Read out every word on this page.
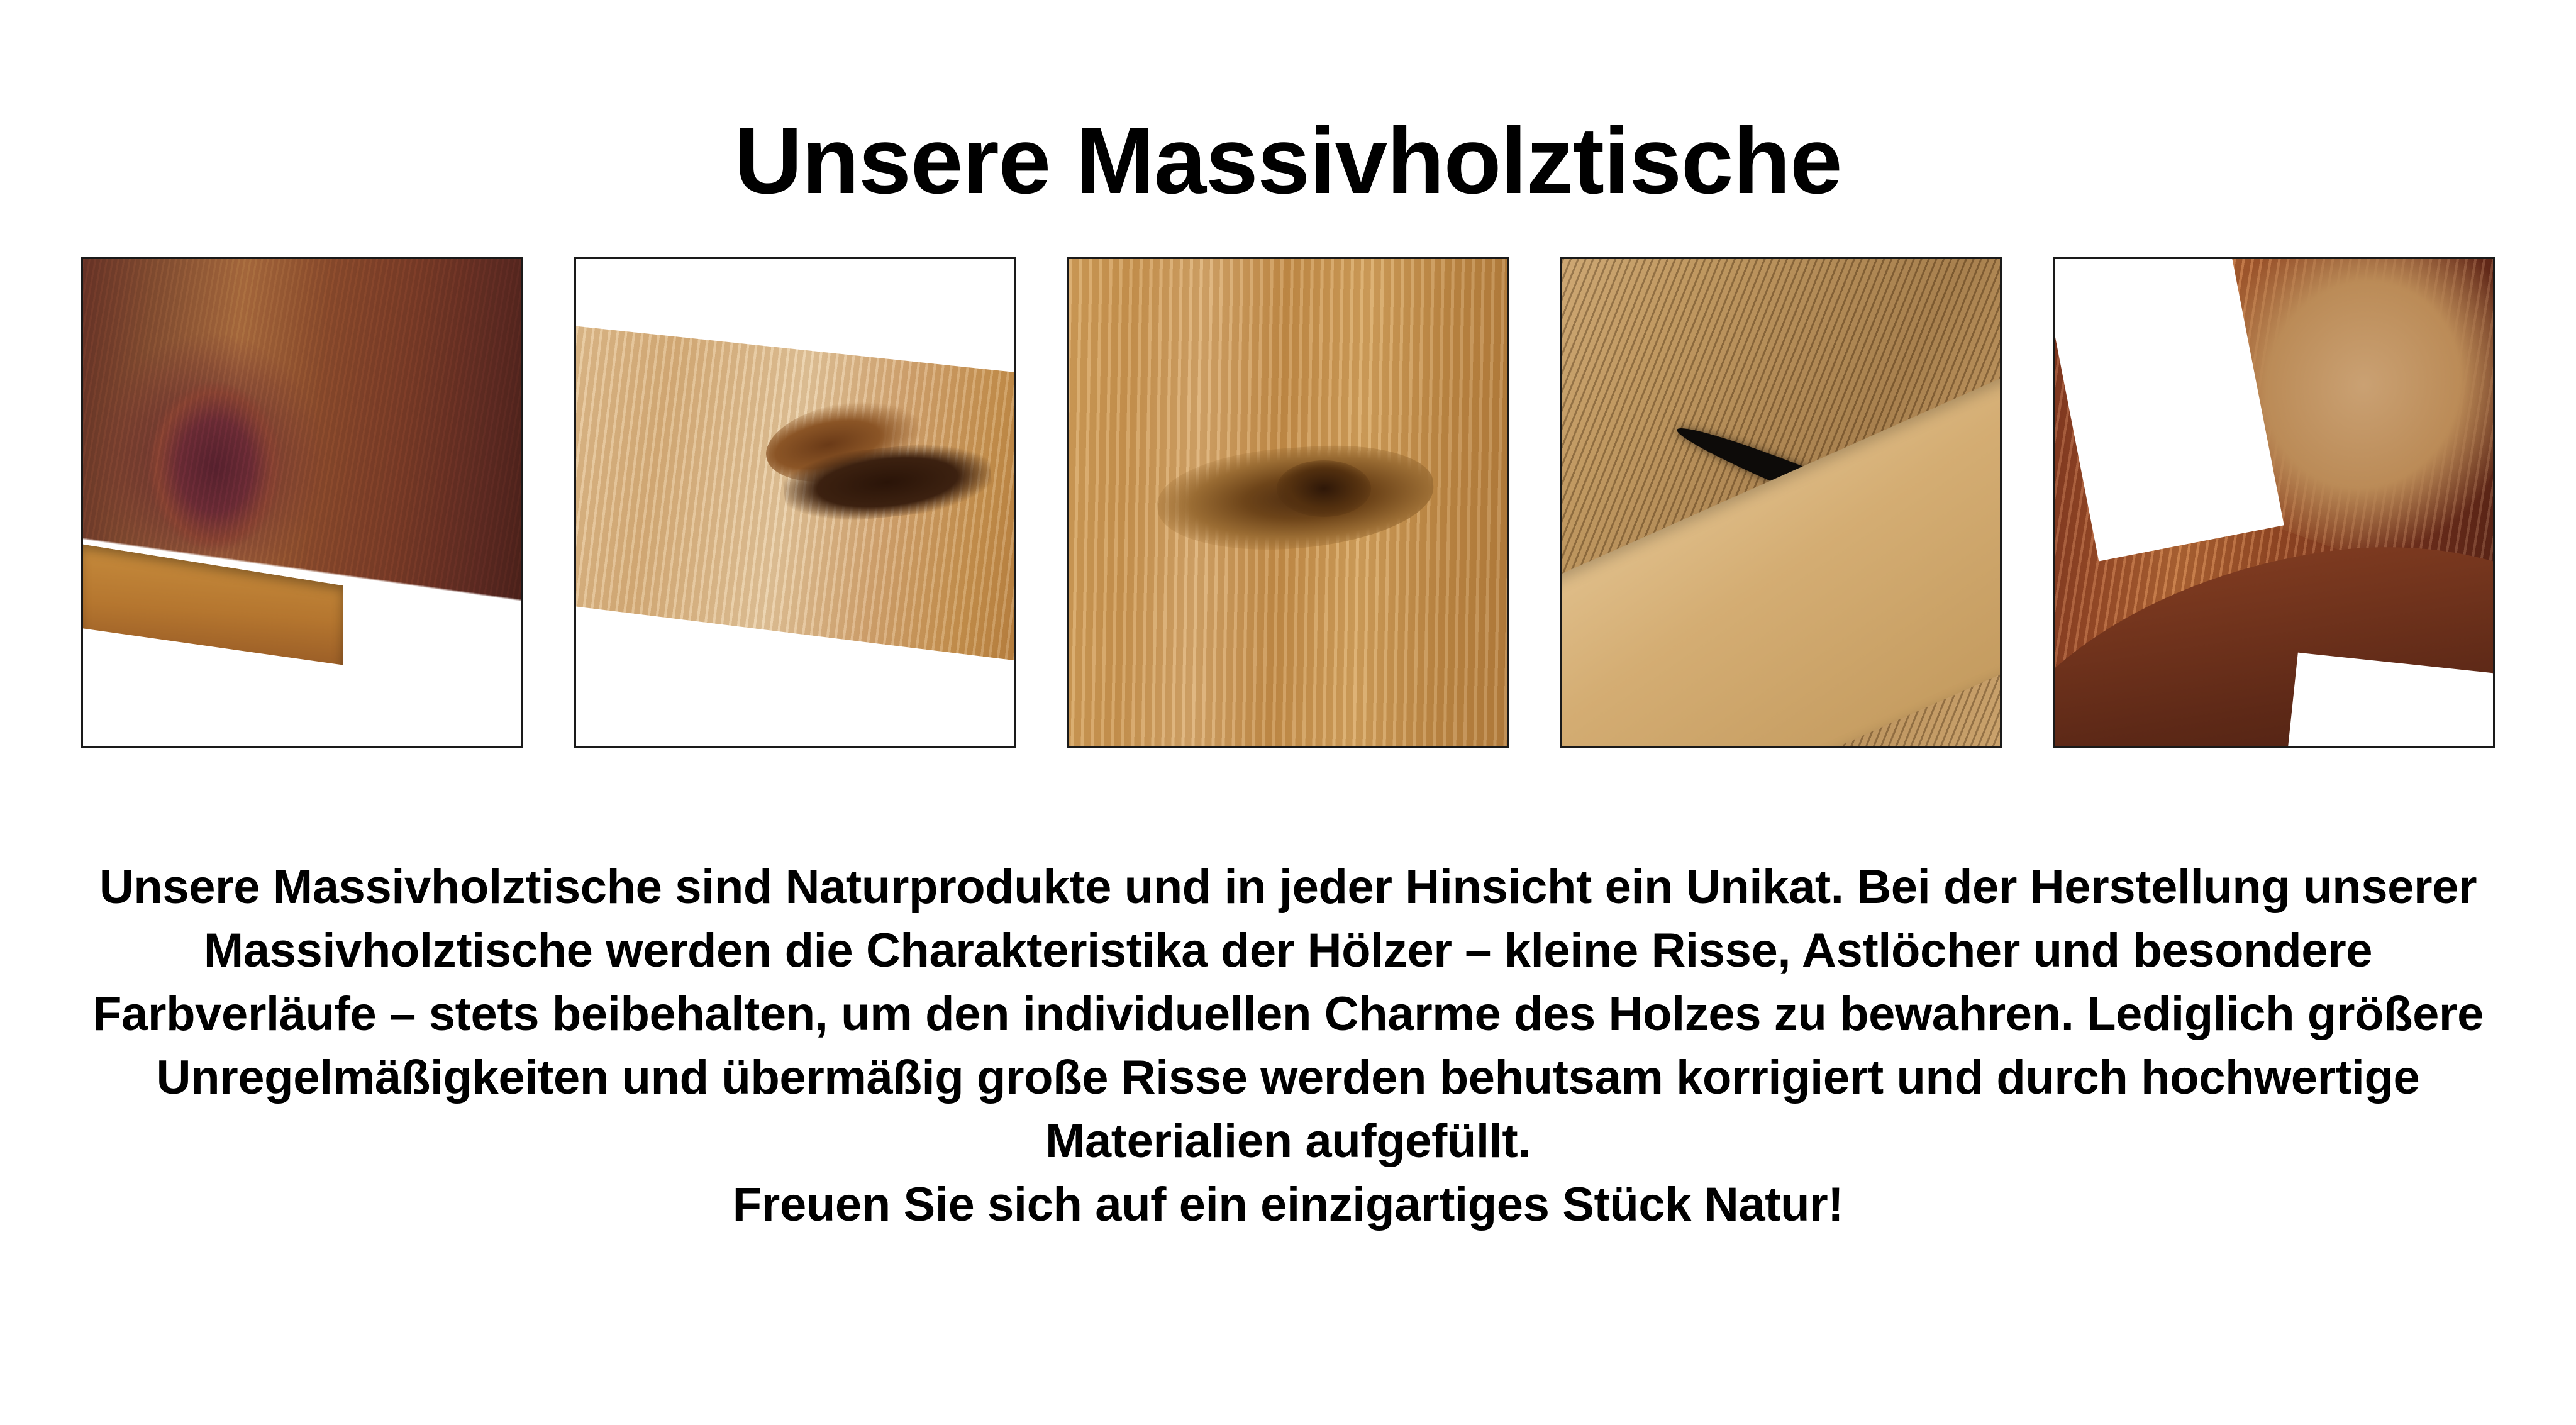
Unsere Massivholztische

Unsere Massivholztische sind Naturprodukte und in jeder Hinsicht ein Unikat. Bei der Herstellung unserer Massivholztische werden die Charakteristika der Hölzer – kleine Risse, Astlöcher und besondere Farbverläufe – stets beibehalten, um den individuellen Charme des Holzes zu bewahren. Lediglich größere Unregelmäßigkeiten und übermäßig große Risse werden behutsam korrigiert und durch hochwertige Materialien aufgefüllt.

Freuen Sie sich auf ein einzigartiges Stück Natur!
